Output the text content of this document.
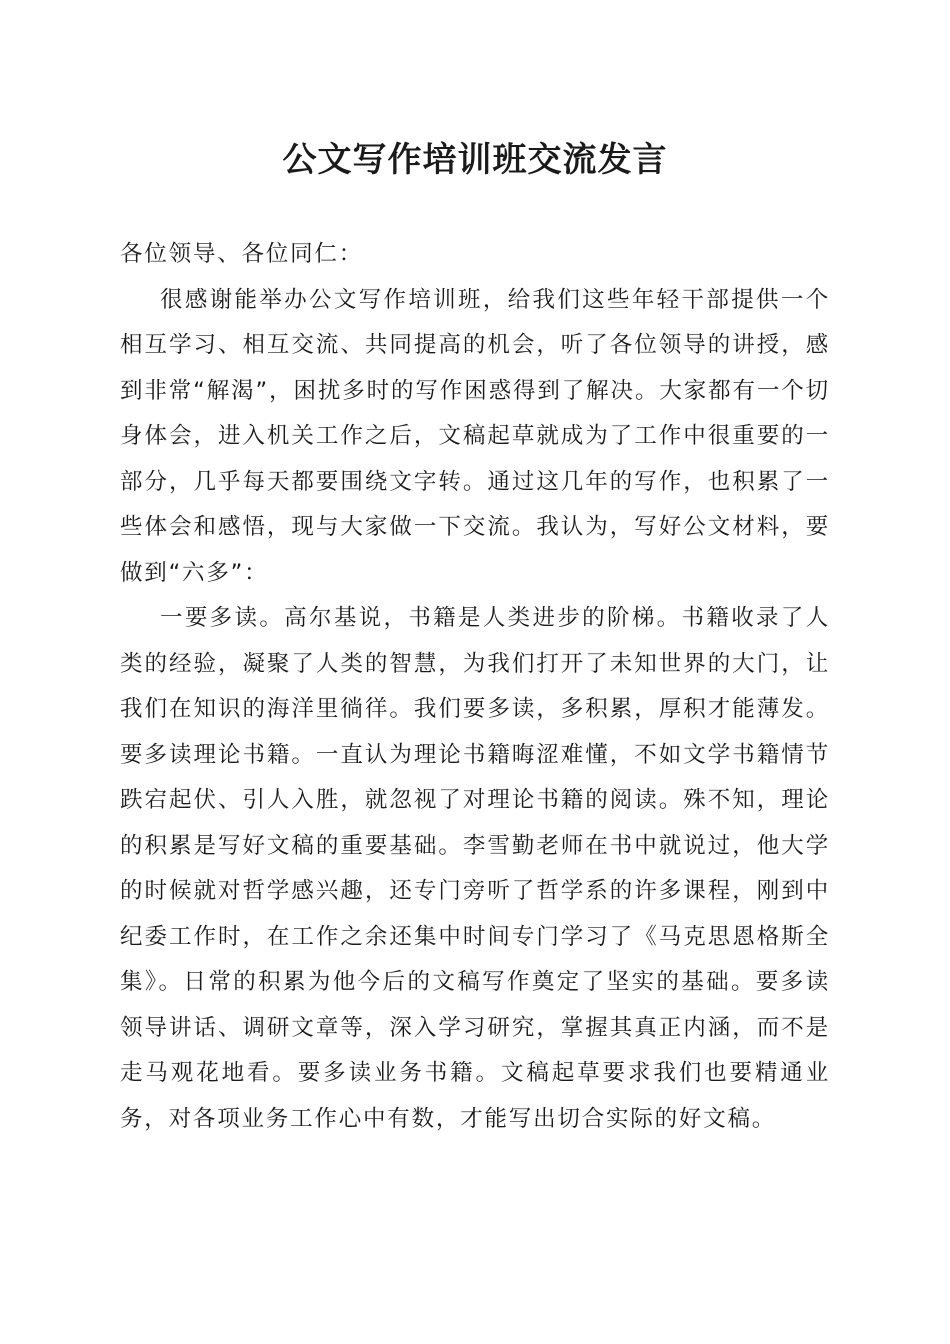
公文写作培训班交流发言

各位领导、各位同仁：

很感谢能举办公文写作培训班，给我们这些年轻干部提供一个相互学习、相互交流、共同提高的机会，听了各位领导的讲授，感到非常“解渴”，困扰多时的写作困惑得到了解决。大家都有一个切身体会，进入机关工作之后，文稿起草就成为了工作中很重要的一部分，几乎每天都要围绕文字转。通过这几年的写作，也积累了一些体会和感悟，现与大家做一下交流。我认为，写好公文材料，要做到“六多”：

一要多读。高尔基说，书籍是人类进步的阶梯。书籍收录了人类的经验，凝聚了人类的智慧，为我们打开了未知世界的大门，让我们在知识的海洋里徜徉。我们要多读，多积累，厚积才能薄发。要多读理论书籍。一直认为理论书籍晦涩难懂，不如文学书籍情节跌宕起伏、引人入胜，就忽视了对理论书籍的阅读。殊不知，理论的积累是写好文稿的重要基础。李雪勤老师在书中就说过，他大学的时候就对哲学感兴趣，还专门旁听了哲学系的许多课程，刚到中纪委工作时，在工作之余还集中时间专门学习了《马克思恩格斯全集》。日常的积累为他今后的文稿写作奠定了坚实的基础。要多读领导讲话、调研文章等，深入学习研究，掌握其真正内涵，而不是走马观花地看。要多读业务书籍。文稿起草要求我们也要精通业务，对各项业务工作心中有数，才能写出切合实际的好文稿。
